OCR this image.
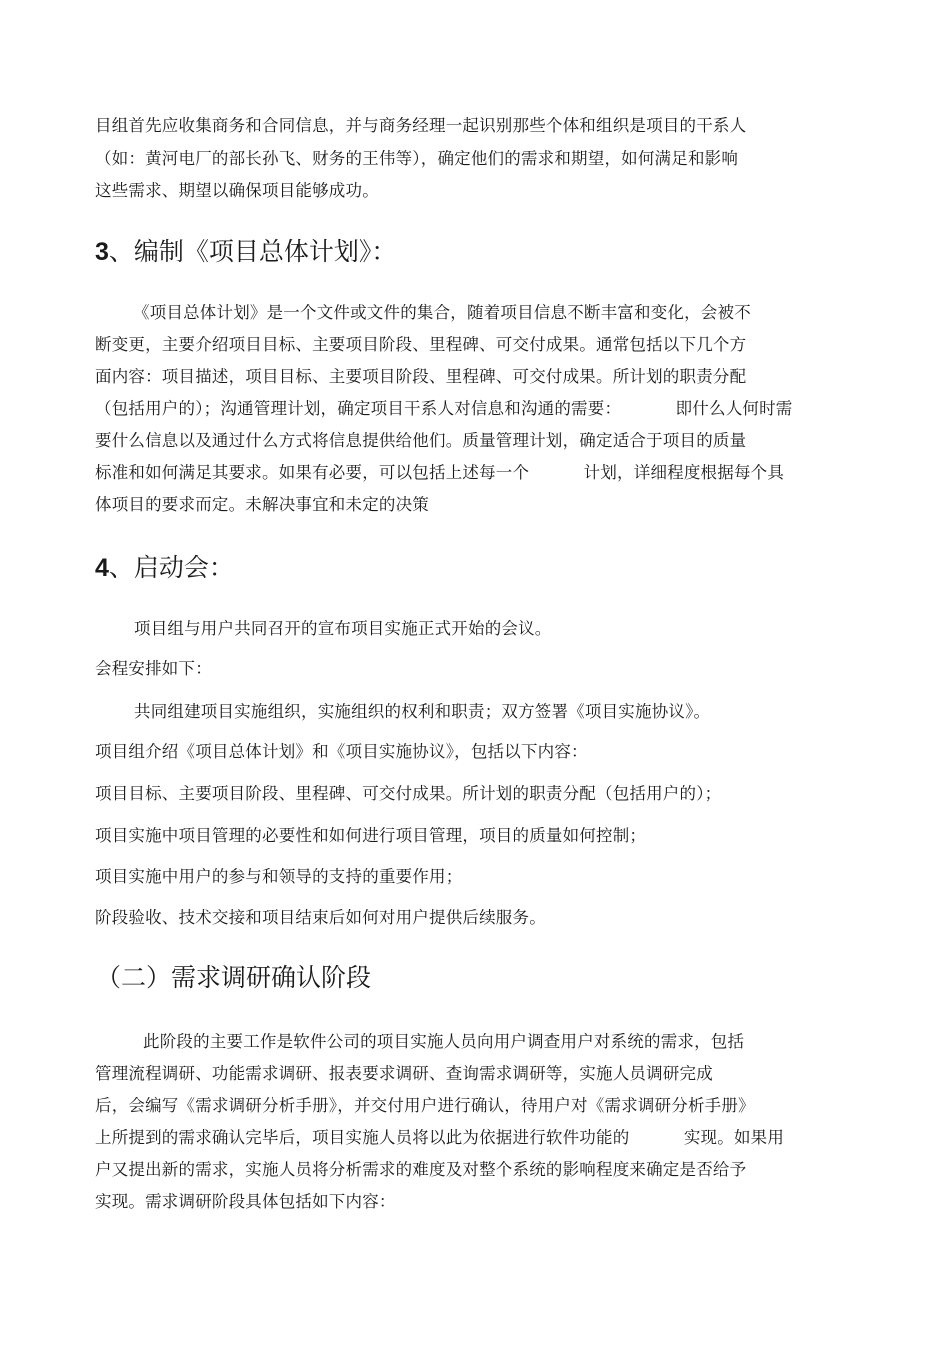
目组首先应收集商务和合同信息，并与商务经理一起识别那些个体和组织是项目的干系人
（如：黄河电厂的部长孙飞、财务的王伟等），确定他们的需求和期望，如何满足和影响
这些需求、期望以确保项目能够成功。
3、编制《项目总体计划》：
《项目总体计划》是一个文件或文件的集合，随着项目信息不断丰富和变化，会被不
断变更，主要介绍项目目标、主要项目阶段、里程碑、可交付成果。通常包括以下几个方
面内容：项目描述，项目目标、主要项目阶段、里程碑、可交付成果。所计划的职责分配
（包括用户的）；沟通管理计划，确定项目干系人对信息和沟通的需要：          即什么人何时需
要什么信息以及通过什么方式将信息提供给他们。质量管理计划，确定适合于项目的质量
标准和如何满足其要求。如果有必要，可以包括上述每一个          计划，详细程度根据每个具
体项目的要求而定。未解决事宜和未定的决策
4、启动会：
项目组与用户共同召开的宣布项目实施正式开始的会议。
会程安排如下：
共同组建项目实施组织，实施组织的权利和职责；双方签署《项目实施协议》。
项目组介绍《项目总体计划》和《项目实施协议》，包括以下内容：
项目目标、主要项目阶段、里程碑、可交付成果。所计划的职责分配（包括用户的）；
项目实施中项目管理的必要性和如何进行项目管理，项目的质量如何控制；
项目实施中用户的参与和领导的支持的重要作用；
阶段验收、技术交接和项目结束后如何对用户提供后续服务。
（二）需求调研确认阶段
此阶段的主要工作是软件公司的项目实施人员向用户调查用户对系统的需求，包括
管理流程调研、功能需求调研、报表要求调研、查询需求调研等，实施人员调研完成
后，会编写《需求调研分析手册》，并交付用户进行确认，待用户对《需求调研分析手册》
上所提到的需求确认完毕后，项目实施人员将以此为依据进行软件功能的          实现。如果用
户又提出新的需求，实施人员将分析需求的难度及对整个系统的影响程度来确定是否给予
实现。需求调研阶段具体包括如下内容：
